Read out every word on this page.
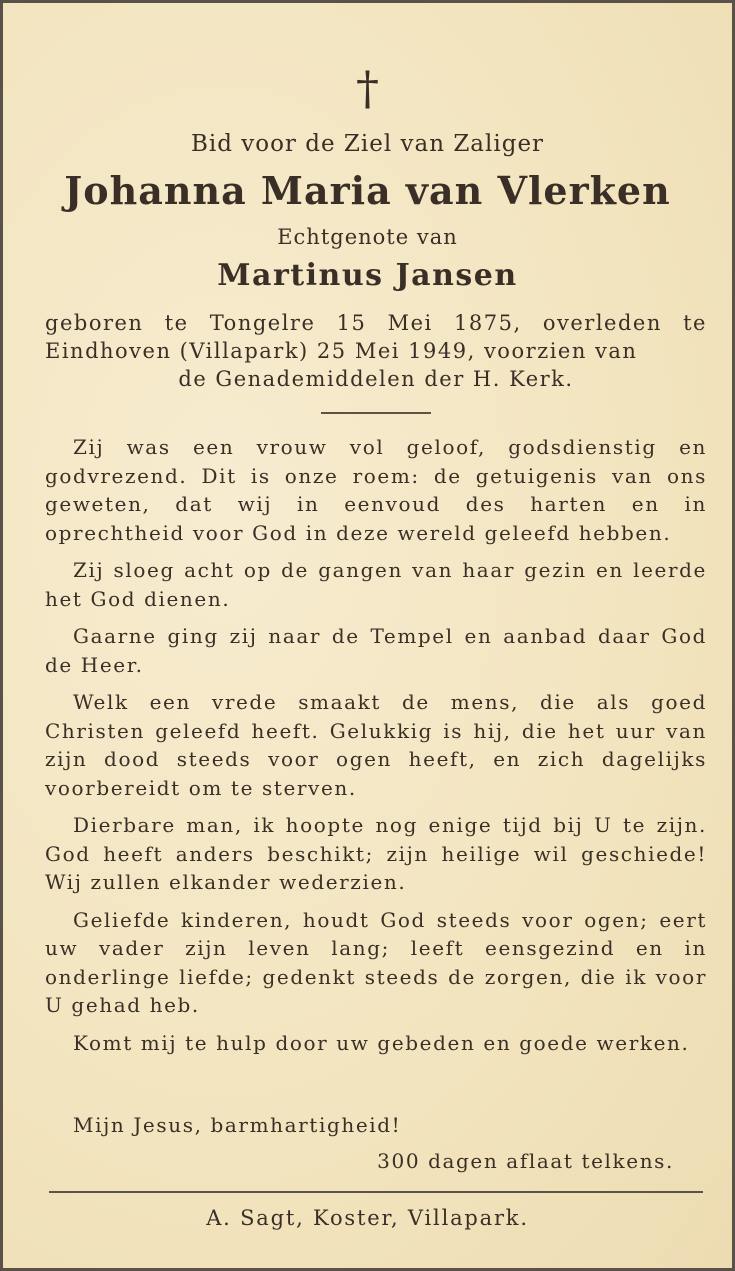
†
Bid voor de Ziel van Zaliger
Johanna Maria van Vlerken
Echtgenote van
Martinus Jansen
geboren te Tongelre 15 Mei 1875, overleden te Eindhoven (Villapark) 25 Mei 1949, voorzien van
de Genademiddelen der H. Kerk.

Zij was een vrouw vol geloof, godsdienstig en godvrezend. Dit is onze roem: de getuigenis van ons geweten, dat wij in eenvoud des harten en in oprechtheid voor God in deze wereld geleefd hebben.

Zij sloeg acht op de gangen van haar gezin en leerde het God dienen.

Gaarne ging zij naar de Tempel en aanbad daar God de Heer.

Welk een vrede smaakt de mens, die als goed Christen geleefd heeft. Gelukkig is hij, die het uur van zijn dood steeds voor ogen heeft, en zich dagelijks voorbereidt om te sterven.

Dierbare man, ik hoopte nog enige tijd bij U te zijn. God heeft anders beschikt; zijn heilige wil geschiede! Wij zullen elkander wederzien.

Geliefde kinderen, houdt God steeds voor ogen; eert uw vader zijn leven lang; leeft eensgezind en in onderlinge liefde; gedenkt steeds de zorgen, die ik voor U gehad heb.

Komt mij te hulp door uw gebeden en goede werken.

Mijn Jesus, barmhartigheid!
300 dagen aflaat telkens.
A. Sagt, Koster, Villapark.
